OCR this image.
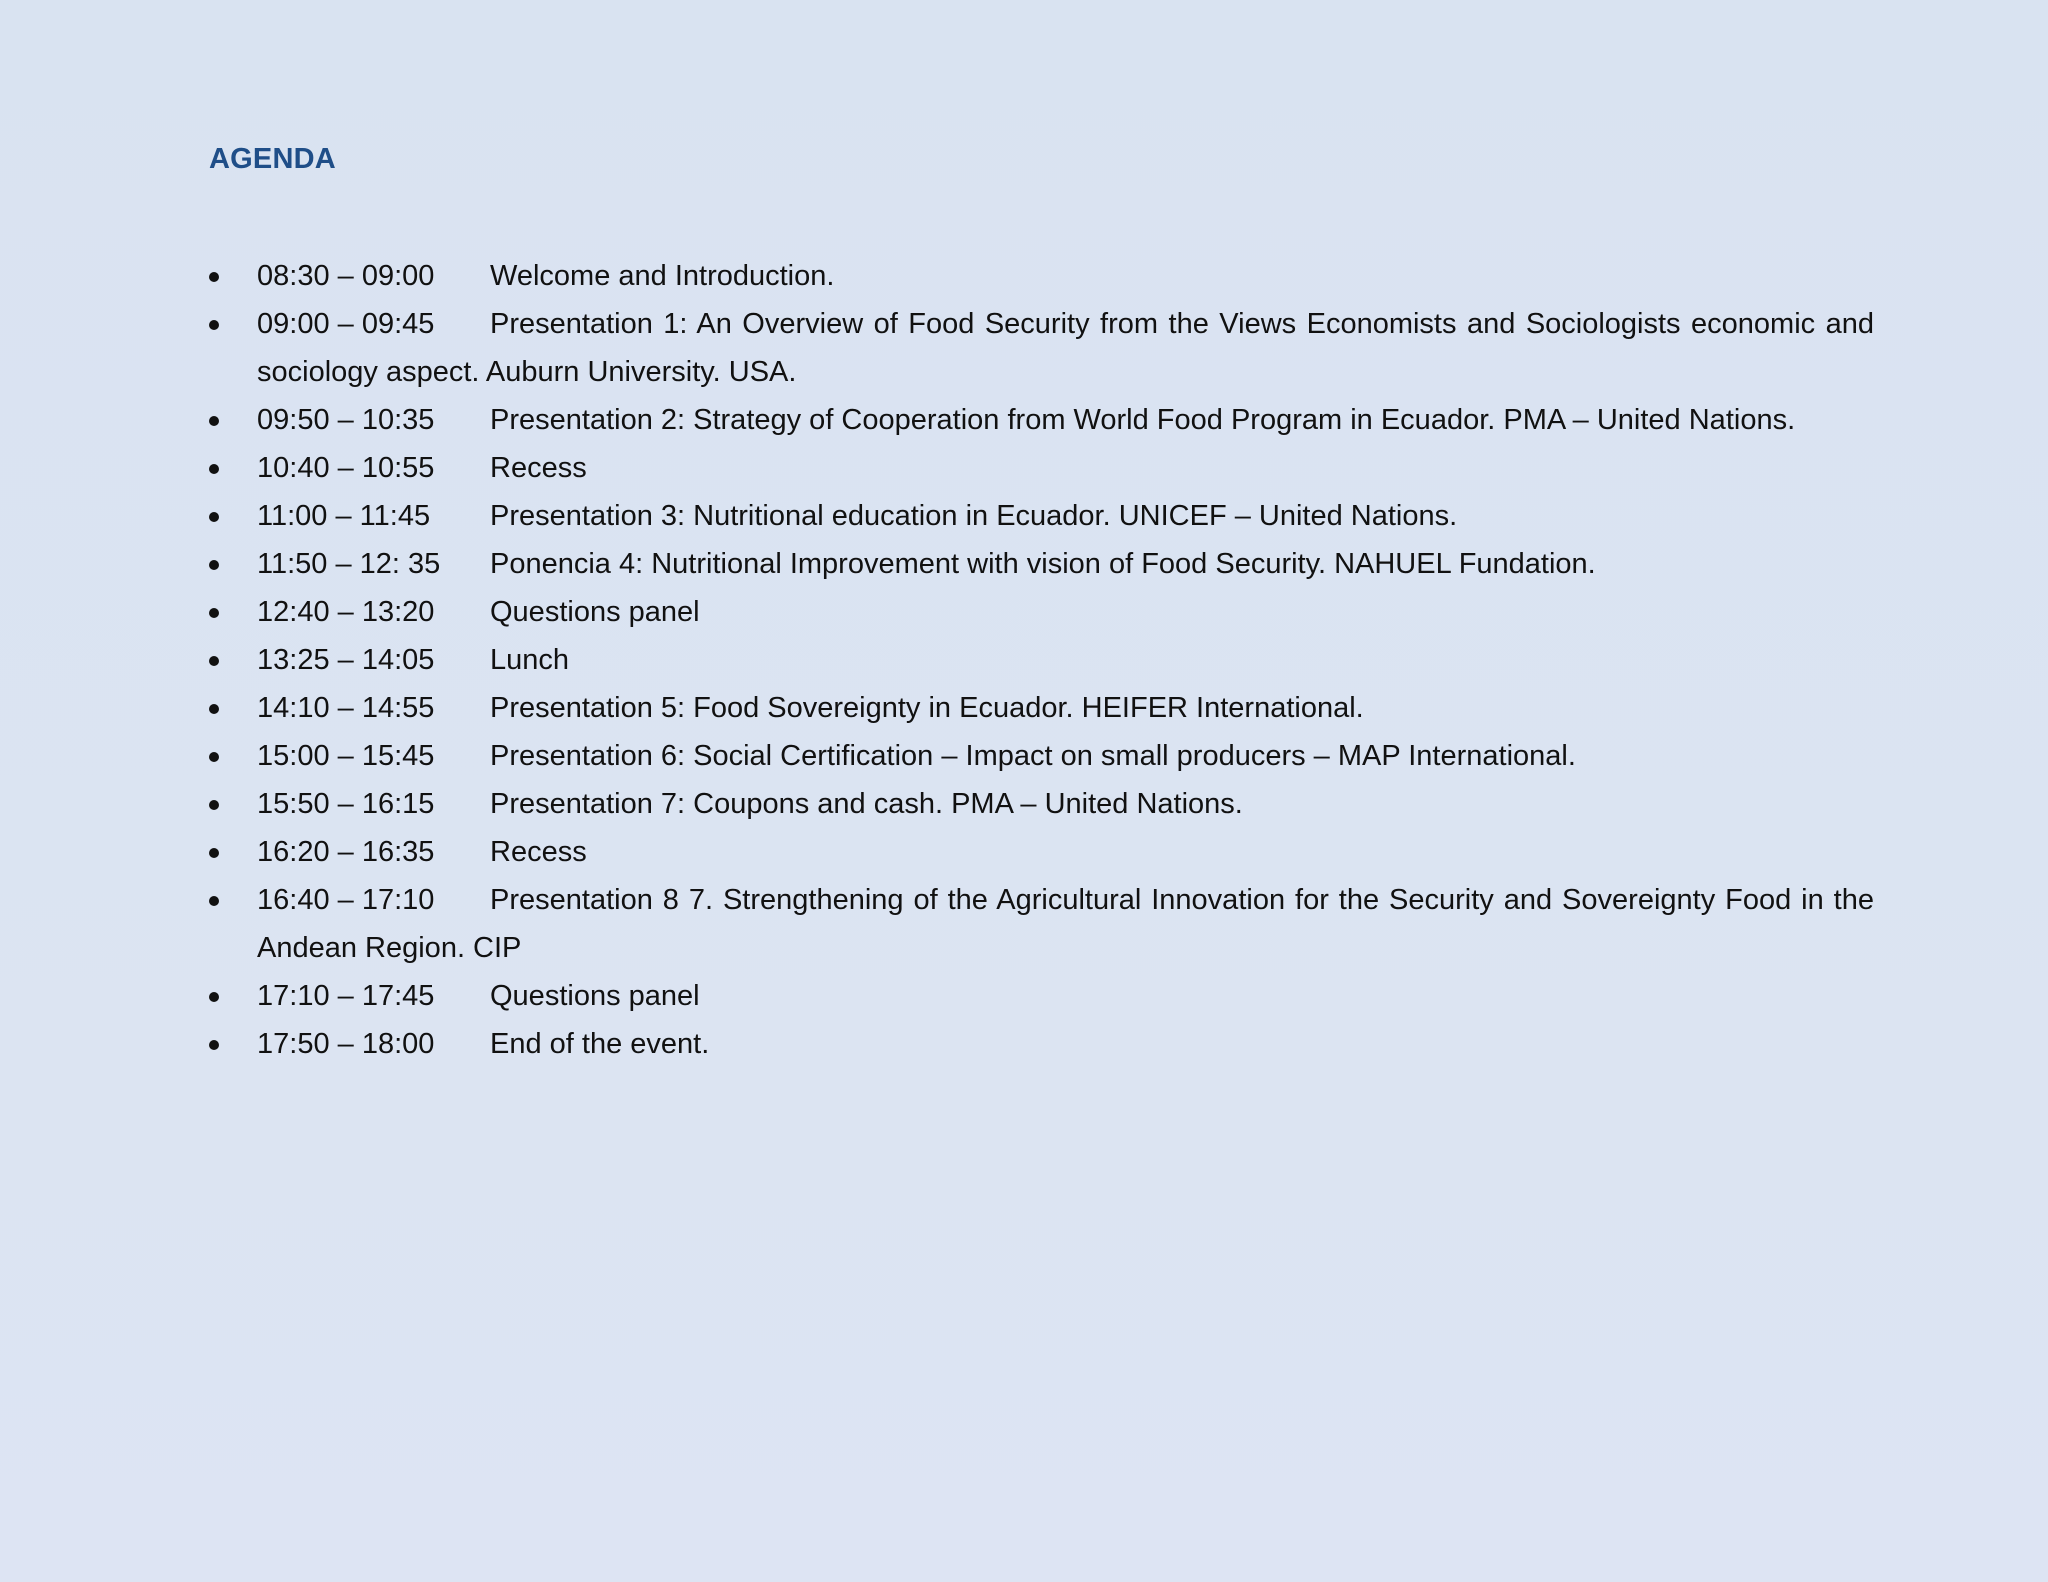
AGENDA
08:30 – 09:00 Welcome and Introduction.
09:00 – 09:45 Presentation 1: An Overview of Food Security from the Views Economists and Sociologists economic and sociology aspect. Auburn University. USA.
09:50 – 10:35 Presentation 2: Strategy of Cooperation from World Food Program in Ecuador. PMA – United Nations.
10:40 – 10:55 Recess
11:00 – 11:45 Presentation 3: Nutritional education in Ecuador. UNICEF – United Nations.
11:50 – 12: 35 Ponencia 4: Nutritional Improvement with vision of Food Security. NAHUEL Fundation.
12:40 – 13:20 Questions panel
13:25 – 14:05 Lunch
14:10 – 14:55 Presentation 5: Food Sovereignty in Ecuador. HEIFER International.
15:00 – 15:45 Presentation 6: Social Certification – Impact on small producers – MAP International.
15:50 – 16:15 Presentation 7: Coupons and cash. PMA – United Nations.
16:20 – 16:35 Recess
16:40 – 17:10 Presentation 8 7. Strengthening of the Agricultural Innovation for the Security and Sovereignty Food in the Andean Region. CIP
17:10 – 17:45 Questions panel
17:50 – 18:00 End of the event.
